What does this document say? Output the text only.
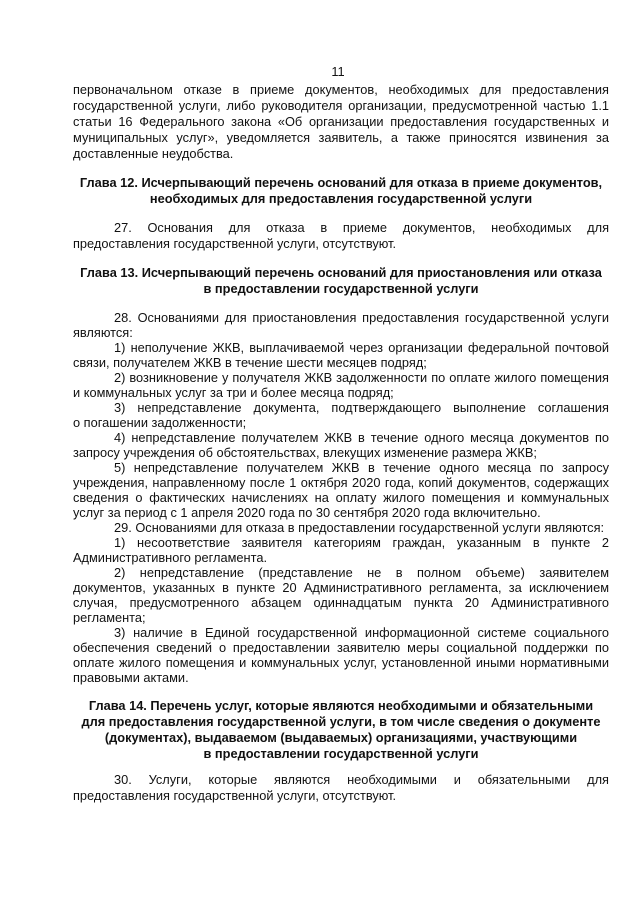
11
первоначальном отказе в приеме документов, необходимых для предоставления
государственной услуги, либо руководителя организации, предусмотренной частью 1.1
статьи 16 Федерального закона «Об организации предоставления государственных и
муниципальных услуг», уведомляется заявитель, а также приносятся извинения за
доставленные неудобства.
Глава 12. Исчерпывающий перечень оснований для отказа в приеме документов,
необходимых для предоставления государственной услуги
27. Основания для отказа в приеме документов, необходимых для
предоставления государственной услуги, отсутствуют.
Глава 13. Исчерпывающий перечень оснований для приостановления или отказа
в предоставлении государственной услуги
28. Основаниями для приостановления предоставления государственной услуги
являются:
1) неполучение ЖКВ, выплачиваемой через организации федеральной почтовой
связи, получателем ЖКВ в течение шести месяцев подряд;
2) возникновение у получателя ЖКВ задолженности по оплате жилого помещения
и коммунальных услуг за три и более месяца подряд;
3) непредставление документа, подтверждающего выполнение соглашения
о погашении задолженности;
4) непредставление получателем ЖКВ в течение одного месяца документов по
запросу учреждения об обстоятельствах, влекущих изменение размера ЖКВ;
5) непредставление получателем ЖКВ в течение одного месяца по запросу
учреждения, направленному после 1 октября 2020 года, копий документов, содержащих
сведения о фактических начислениях на оплату жилого помещения и коммунальных
услуг за период с 1 апреля 2020 года по 30 сентября 2020 года включительно.
29. Основаниями для отказа в предоставлении государственной услуги являются:
1) несоответствие заявителя категориям граждан, указанным в пункте 2
Административного регламента.
2) непредставление (представление не в полном объеме) заявителем
документов, указанных в пункте 20 Административного регламента, за исключением
случая, предусмотренного абзацем одиннадцатым пункта 20 Административного
регламента;
3) наличие в Единой государственной информационной системе социального
обеспечения сведений о предоставлении заявителю меры социальной поддержки по
оплате жилого помещения и коммунальных услуг, установленной иными нормативными
правовыми актами.
Глава 14. Перечень услуг, которые являются необходимыми и обязательными
для предоставления государственной услуги, в том числе сведения о документе
(документах), выдаваемом (выдаваемых) организациями, участвующими
в предоставлении государственной услуги
30. Услуги, которые являются необходимыми и обязательными для
предоставления государственной услуги, отсутствуют.
